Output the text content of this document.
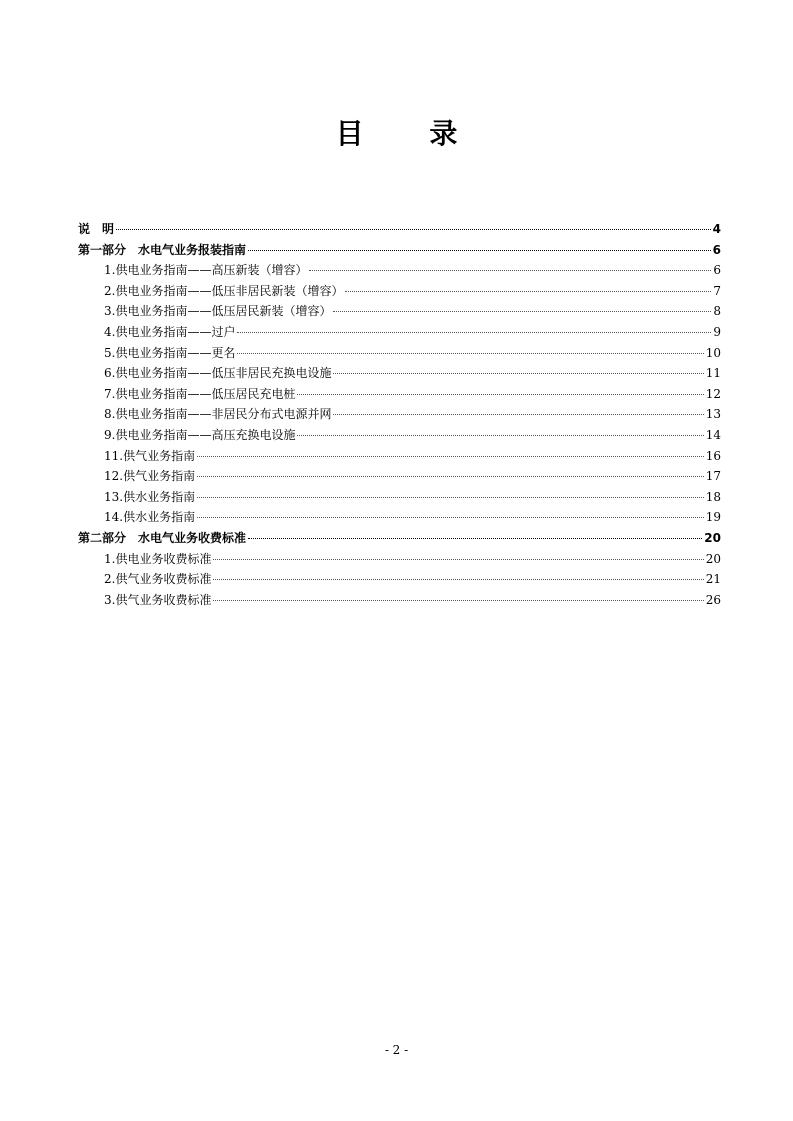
目 录
说　明	4
第一部分　水电气业务报装指南	6
1.供电业务指南——高压新装（增容）	6
2.供电业务指南——低压非居民新装（增容）	7
3.供电业务指南——低压居民新装（增容）	8
4.供电业务指南——过户	9
5.供电业务指南——更名	10
6.供电业务指南——低压非居民充换电设施	11
7.供电业务指南——低压居民充电桩	12
8.供电业务指南——非居民分布式电源并网	13
9.供电业务指南——高压充换电设施	14
11.供气业务指南	16
12.供气业务指南	17
13.供水业务指南	18
14.供水业务指南	19
第二部分　水电气业务收费标准	20
1.供电业务收费标准	20
2.供气业务收费标准	21
3.供气业务收费标准	26
- 2 -
